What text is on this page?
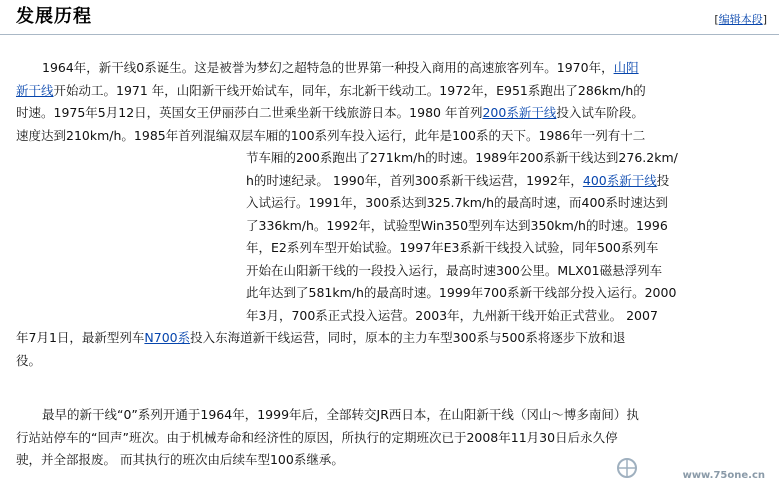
发展历程	[编辑本段]
1964年，新干线0系诞生。这是被誉为梦幻之超特急的世界第一种投入商用的高速旅客列车。1970年，山阳
新干线开始动工。1971 年，山阳新干线开始试车，同年，东北新干线动工。1972年，E951系跑出了286km/h的
时速。1975年5月12日，英国女王伊丽莎白二世乘坐新干线旅游日本。1980 年首列200系新干线投入试车阶段。
速度达到210km/h。1985年首列混编双层车厢的100系列车投入运行，此年是100系的天下。1986年一列有十二
节车厢的200系跑出了271km/h的时速。1989年200系新干线达到276.2km/
h的时速纪录。 1990年，首列300系新干线运营，1992年，400系新干线投
入试运行。1991年，300系达到325.7km/h的最高时速，而400系时速达到
了336km/h。1992年，试验型Win350型列车达到350km/h的时速。1996
年，E2系列车型开始试验。1997年E3系新干线投入试验，同年500系列车
开始在山阳新干线的一段投入运行，最高时速300公里。MLX01磁悬浮列车
此年达到了581km/h的最高时速。1999年700系新干线部分投入运行。2000
年3月，700系正式投入运营。2003年，九州新干线开始正式营业。 2007
年7月1日，最新型列车N700系投入东海道新干线运营，同时，原本的主力车型300系与500系将逐步下放和退
役。
最早的新干线“0”系列开通于1964年，1999年后，全部转交JR西日本，在山阳新干线（冈山～博多南间）执
行站站停车的“回声”班次。由于机械寿命和经济性的原因，所执行的定期班次已于2008年11月30日后永久停
驶，并全部报废。 而其执行的班次由后续车型100系继承。
www.75one.cn
